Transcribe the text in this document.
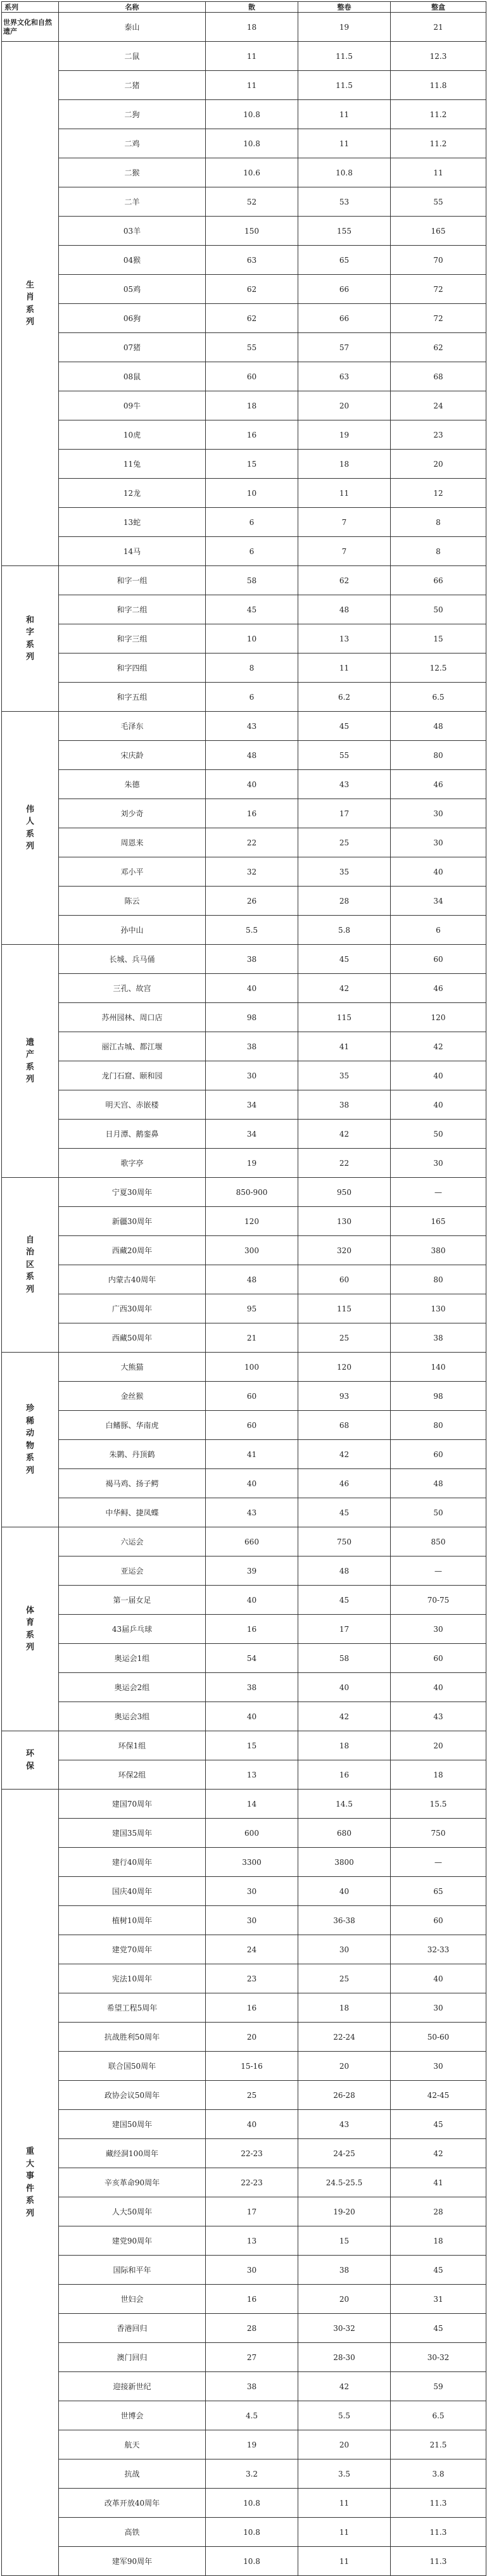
系列	名称	散	整卷	整盒
世界文化和自然遗产	泰山	18	19	21
生肖系列	二鼠	11	11.5	12.3
	二猪	11	11.5	11.8
	二狗	10.8	11	11.2
	二鸡	10.8	11	11.2
	二猴	10.6	10.8	11
	二羊	52	53	55
	03羊	150	155	165
	04猴	63	65	70
	05鸡	62	66	72
	06狗	62	66	72
	07猪	55	57	62
	08鼠	60	63	68
	09牛	18	20	24
	10虎	16	19	23
	11兔	15	18	20
	12龙	10	11	12
	13蛇	6	7	8
	14马	6	7	8
和字系列	和字一组	58	62	66
	和字二组	45	48	50
	和字三组	10	13	15
	和字四组	8	11	12.5
	和字五组	6	6.2	6.5
伟人系列	毛泽东	43	45	48
	宋庆龄	48	55	80
	朱德	40	43	46
	刘少奇	16	17	30
	周恩来	22	25	30
	邓小平	32	35	40
	陈云	26	28	34
	孙中山	5.5	5.8	6
遗产系列	长城、兵马俑	38	45	60
	三孔、故宫	40	42	46
	苏州园林、周口店	98	115	120
	丽江古城、都江堰	38	41	42
	龙门石窟、颐和园	30	35	40
	明天宫、赤嵌楼	34	38	40
	日月潭、鹅銮鼻	34	42	50
	歌字亭	19	22	30
自治区系列	宁夏30周年	850-900	950	—
	新疆30周年	120	130	165
	西藏20周年	300	320	380
	内蒙古40周年	48	60	80
	广西30周年	95	115	130
	西藏50周年	21	25	38
珍稀动物系列	大熊猫	100	120	140
	金丝猴	60	93	98
	白鳍豚、华南虎	60	68	80
	朱鹮、丹顶鹤	41	42	60
	褐马鸡、扬子鳄	40	46	48
	中华鲟、捷凤蝶	43	45	50
体育系列	六运会	660	750	850
	亚运会	39	48	—
	第一届女足	40	45	70-75
	43届乒乓球	16	17	30
	奥运会1组	54	58	60
	奥运会2组	38	40	40
	奥运会3组	40	42	43
环保	环保1组	15	18	20
	环保2组	13	16	18
重大事件系列	建国70周年	14	14.5	15.5
	建国35周年	600	680	750
	建行40周年	3300	3800	—
	国庆40周年	30	40	65
	植树10周年	30	36-38	60
	建党70周年	24	30	32-33
	宪法10周年	23	25	40
	希望工程5周年	16	18	30
	抗战胜利50周年	20	22-24	50-60
	联合国50周年	15-16	20	30
	政协会议50周年	25	26-28	42-45
	建国50周年	40	43	45
	藏经洞100周年	22-23	24-25	42
	辛亥革命90周年	22-23	24.5-25.5	41
	人大50周年	17	19-20	28
	建党90周年	13	15	18
	国际和平年	30	38	45
	世妇会	16	20	31
	香港回归	28	30-32	45
	澳门回归	27	28-30	30-32
	迎接新世纪	38	42	59
	世博会	4.5	5.5	6.5
	航天	19	20	21.5
	抗战	3.2	3.5	3.8
	改革开放40周年	10.8	11	11.3
	高铁	10.8	11	11.3
	建军90周年	10.8	11	11.3
